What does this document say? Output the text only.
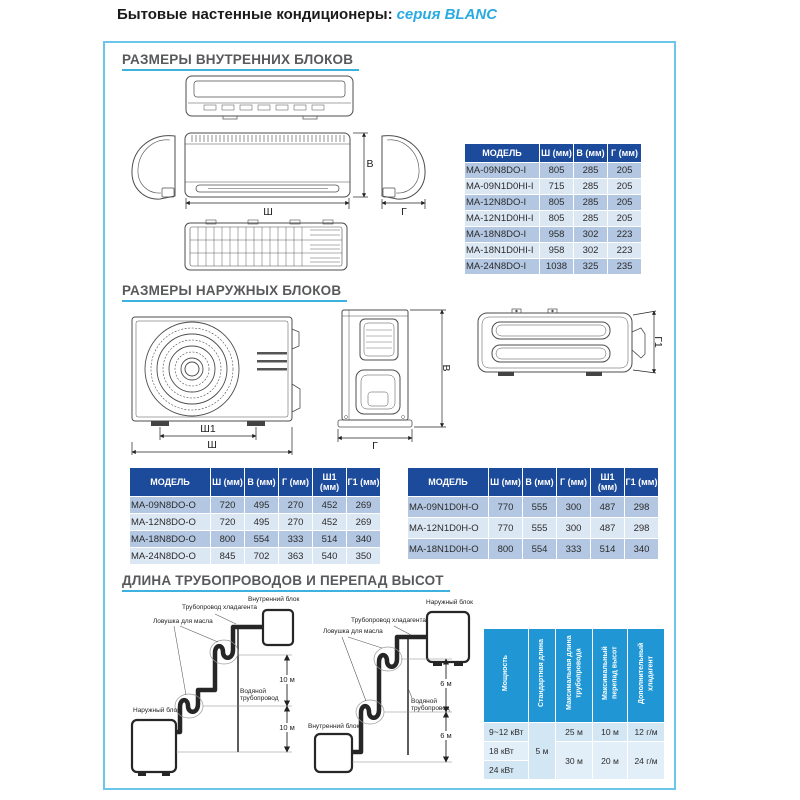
Бытовые настенные кондиционеры: серия BLANC
РАЗМЕРЫ ВНУТРЕННИХ БЛОКОВ
Ш
В
Г
МОДЕЛЬ	Ш (мм)	В (мм)	Г (мм)
MA-09N8DO-I	805	285	205
MA-09N1D0HI-I	715	285	205
MA-12N8DO-I	805	285	205
MA-12N1D0HI-I	805	285	205
MA-18N8DO-I	958	302	223
MA-18N1D0HI-I	958	302	223
MA-24N8DO-I	1038	325	235
РАЗМЕРЫ НАРУЖНЫХ БЛОКОВ
Ш1
Ш
В
Г
Г1
МОДЕЛЬ	Ш (мм)	В (мм)	Г (мм)	Ш1 (мм)	Г1 (мм)
MA-09N8DO-O	720	495	270	452	269
MA-12N8DO-O	720	495	270	452	269
MA-18N8DO-O	800	554	333	514	340
MA-24N8DO-O	845	702	363	540	350
МОДЕЛЬ	Ш (мм)	В (мм)	Г (мм)	Ш1 (мм)	Г1 (мм)
MA-09N1D0H-O	770	555	300	487	298
MA-12N1D0H-O	770	555	300	487	298
MA-18N1D0H-O	800	554	333	514	340
ДЛИНА ТРУБОПРОВОДОВ И ПЕРЕПАД ВЫСОТ
Внутренний блок
Трубопровод хладагента
Ловушка для масла
Водяной трубопровод
Наружный блок
10 м
10 м
Наружный блок
Трубопровод хладагента
Ловушка для масла
Водяной трубопровод
Внутренний блок
6 м
6 м
Мощность	Стандартная длина	Максимальная длина трубопровода	Максимальный перепад высот	Дополнительный хладагент
9~12 кВт	5 м	25 м	10 м	12 г/м
18 кВт		30 м	20 м	24 г/м
24 кВт				
